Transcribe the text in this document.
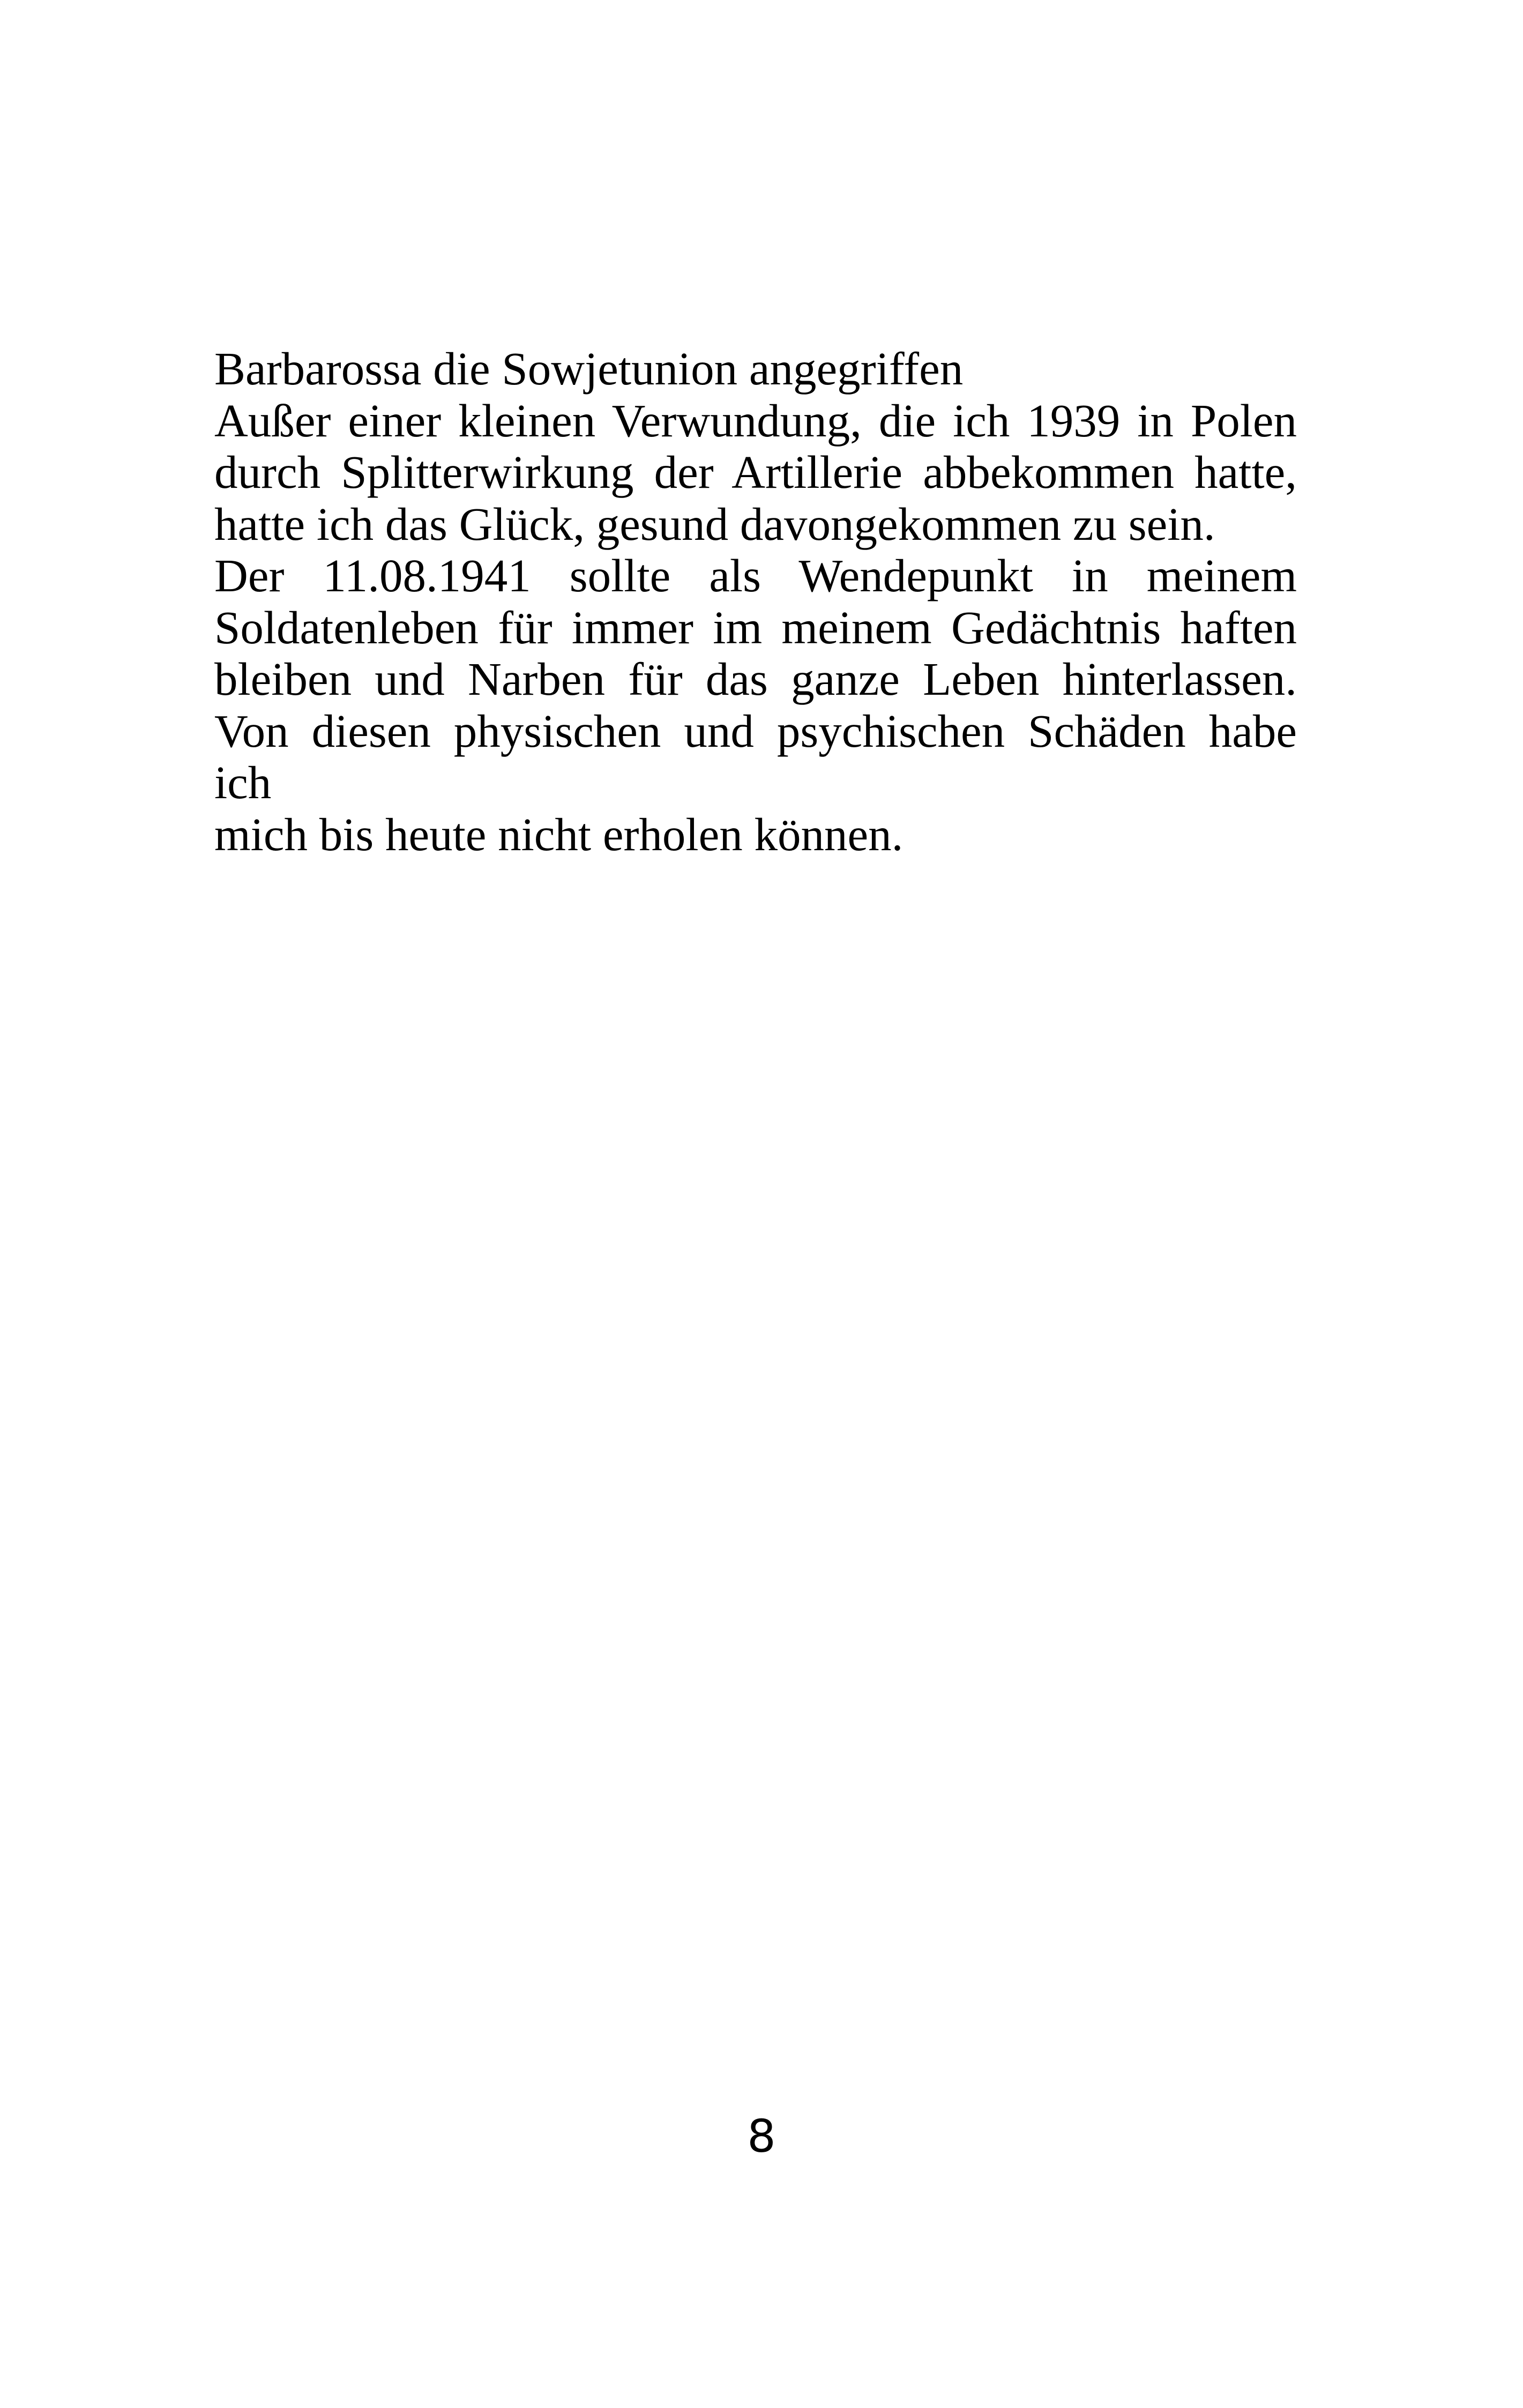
Barbarossa die Sowjetunion angegriffen
Außer einer kleinen Verwundung, die ich 1939 in Polen
durch Splitterwirkung der Artillerie abbekommen hatte,
hatte ich das Glück, gesund davongekommen zu sein.
Der 11.08.1941 sollte als Wendepunkt in meinem
Soldatenleben für immer im meinem Gedächtnis haften
bleiben und Narben für das ganze Leben hinterlassen.
Von diesen physischen und psychischen Schäden habe ich
mich bis heute nicht erholen können.
8
